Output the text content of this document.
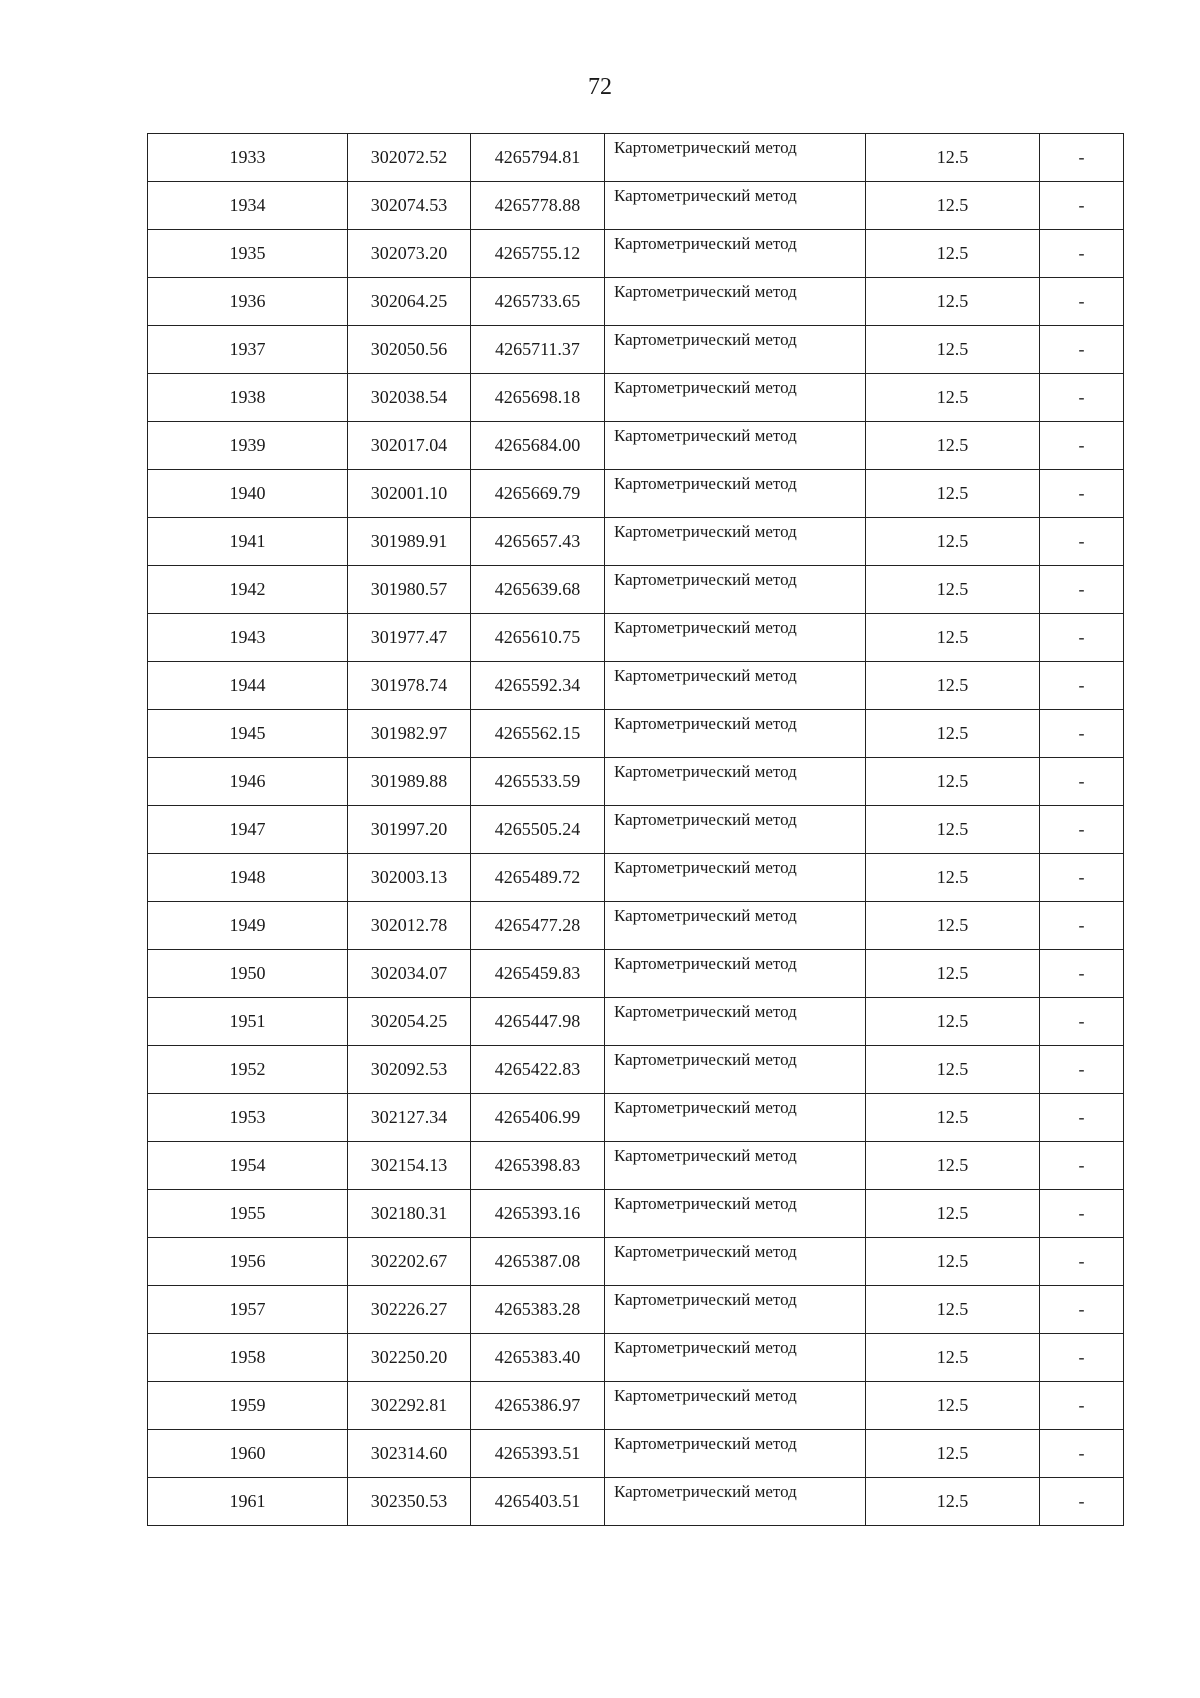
72
1933	302072.52	4265794.81	Картометрический метод	12.5	-
1934	302074.53	4265778.88	Картометрический метод	12.5	-
1935	302073.20	4265755.12	Картометрический метод	12.5	-
1936	302064.25	4265733.65	Картометрический метод	12.5	-
1937	302050.56	4265711.37	Картометрический метод	12.5	-
1938	302038.54	4265698.18	Картометрический метод	12.5	-
1939	302017.04	4265684.00	Картометрический метод	12.5	-
1940	302001.10	4265669.79	Картометрический метод	12.5	-
1941	301989.91	4265657.43	Картометрический метод	12.5	-
1942	301980.57	4265639.68	Картометрический метод	12.5	-
1943	301977.47	4265610.75	Картометрический метод	12.5	-
1944	301978.74	4265592.34	Картометрический метод	12.5	-
1945	301982.97	4265562.15	Картометрический метод	12.5	-
1946	301989.88	4265533.59	Картометрический метод	12.5	-
1947	301997.20	4265505.24	Картометрический метод	12.5	-
1948	302003.13	4265489.72	Картометрический метод	12.5	-
1949	302012.78	4265477.28	Картометрический метод	12.5	-
1950	302034.07	4265459.83	Картометрический метод	12.5	-
1951	302054.25	4265447.98	Картометрический метод	12.5	-
1952	302092.53	4265422.83	Картометрический метод	12.5	-
1953	302127.34	4265406.99	Картометрический метод	12.5	-
1954	302154.13	4265398.83	Картометрический метод	12.5	-
1955	302180.31	4265393.16	Картометрический метод	12.5	-
1956	302202.67	4265387.08	Картометрический метод	12.5	-
1957	302226.27	4265383.28	Картометрический метод	12.5	-
1958	302250.20	4265383.40	Картометрический метод	12.5	-
1959	302292.81	4265386.97	Картометрический метод	12.5	-
1960	302314.60	4265393.51	Картометрический метод	12.5	-
1961	302350.53	4265403.51	Картометрический метод	12.5	-
